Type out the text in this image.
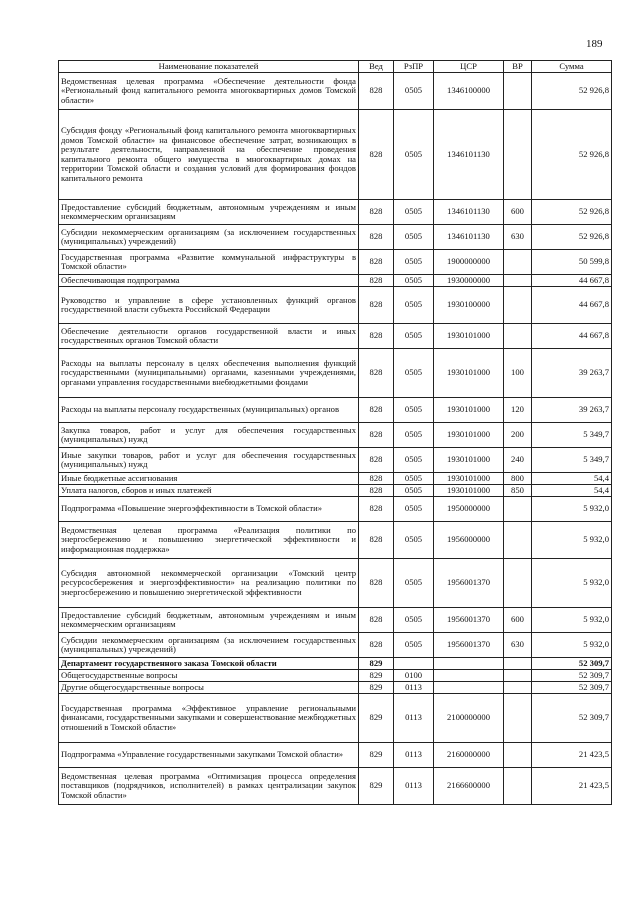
189
Наименование показателей	Вед	РзПР	ЦСР	ВР	Сумма
Ведомственная целевая программа «Обеспечение деятельности фонда «Региональный фонд капитального ремонта многоквартирных домов Томской области»	828	0505	1346100000		52 926,8
Субсидия фонду «Региональный фонд капитального ремонта многоквартирных домов Томской области» на финансовое обеспечение затрат, возникающих в результате деятельности, направленной на обеспечение проведения капитального ремонта общего имущества в многоквартирных домах на территории Томской области и создания условий для формирования фондов капитального ремонта	828	0505	1346101130		52 926,8
Предоставление субсидий бюджетным, автономным учреждениям и иным некоммерческим организациям	828	0505	1346101130	600	52 926,8
Субсидии некоммерческим организациям (за исключением государственных (муниципальных) учреждений)	828	0505	1346101130	630	52 926,8
Государственная программа «Развитие коммунальной инфраструктуры в Томской области»	828	0505	1900000000		50 599,8
Обеспечивающая подпрограмма	828	0505	1930000000		44 667,8
Руководство и управление в сфере установленных функций органов государственной власти субъекта Российской Федерации	828	0505	1930100000		44 667,8
Обеспечение деятельности органов государственной власти и иных государственных органов Томской области	828	0505	1930101000		44 667,8
Расходы на выплаты персоналу в целях обеспечения выполнения функций государственными (муниципальными) органами, казенными учреждениями, органами управления государственными внебюджетными фондами	828	0505	1930101000	100	39 263,7
Расходы на выплаты персоналу государственных (муниципальных) органов	828	0505	1930101000	120	39 263,7
Закупка товаров, работ и услуг для обеспечения государственных (муниципальных) нужд	828	0505	1930101000	200	5 349,7
Иные закупки товаров, работ и услуг для обеспечения государственных (муниципальных) нужд	828	0505	1930101000	240	5 349,7
Иные бюджетные ассигнования	828	0505	1930101000	800	54,4
Уплата налогов, сборов и иных платежей	828	0505	1930101000	850	54,4
Подпрограмма «Повышение энергоэффективности в Томской области»	828	0505	1950000000		5 932,0
Ведомственная целевая программа «Реализация политики по энергосбережению и повышению энергетической эффективности и информационная поддержка»	828	0505	1956000000		5 932,0
Субсидия автономной некоммерческой организации «Томский центр ресурсосбережения и энергоэффективности» на реализацию политики по энергосбережению и повышению энергетической эффективности	828	0505	1956001370		5 932,0
Предоставление субсидий бюджетным, автономным учреждениям и иным некоммерческим организациям	828	0505	1956001370	600	5 932,0
Субсидии некоммерческим организациям (за исключением государственных (муниципальных) учреждений)	828	0505	1956001370	630	5 932,0
Департамент государственного заказа Томской области	829				52 309,7
Общегосударственные вопросы	829	0100			52 309,7
Другие общегосударственные вопросы	829	0113			52 309,7
Государственная программа «Эффективное управление региональными финансами, государственными закупками и совершенствование межбюджетных отношений в Томской области»	829	0113	2100000000		52 309,7
Подпрограмма «Управление государственными закупками Томской области»	829	0113	2160000000		21 423,5
Ведомственная целевая программа «Оптимизация процесса определения поставщиков (подрядчиков, исполнителей) в рамках централизации закупок Томской области»	829	0113	2166600000		21 423,5
